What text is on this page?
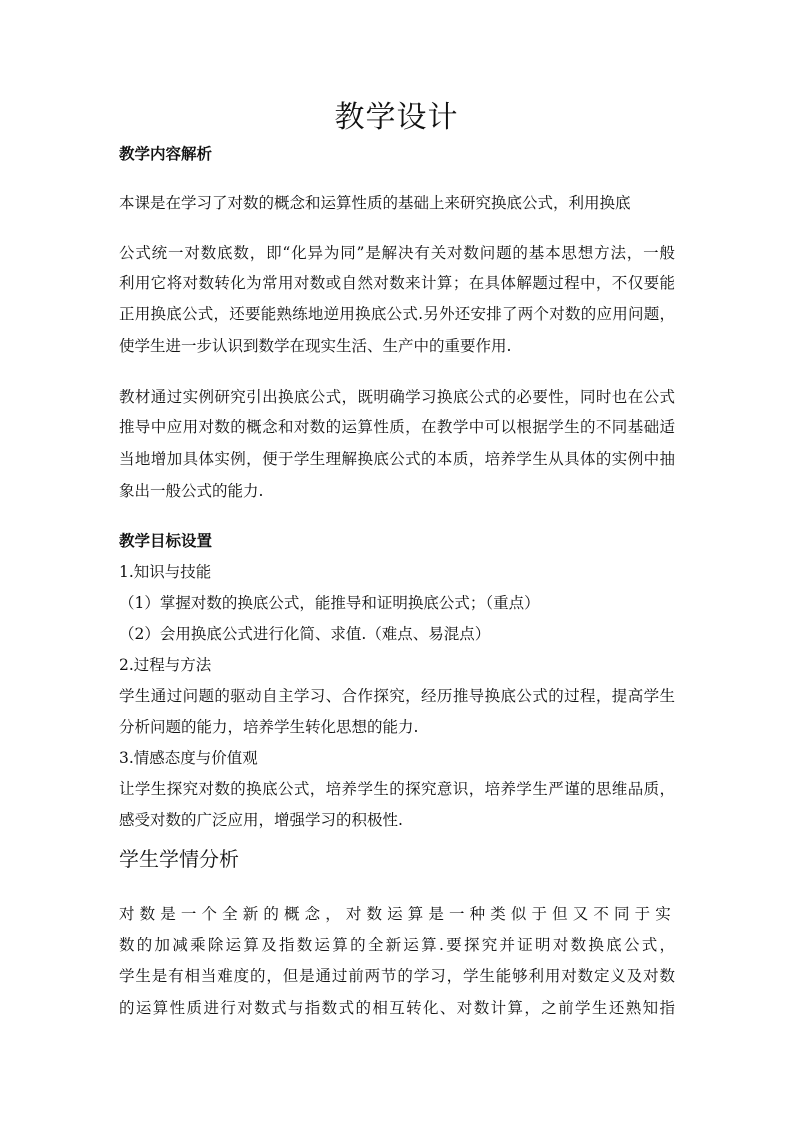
教学设计
教学内容解析
本课是在学习了对数的概念和运算性质的基础上来研究换底公式，利用换底
公式统一对数底数，即“化异为同”是解决有关对数问题的基本思想方法，一般
利用它将对数转化为常用对数或自然对数来计算；在具体解题过程中，不仅要能
正用换底公式，还要能熟练地逆用换底公式.另外还安排了两个对数的应用问题，
使学生进一步认识到数学在现实生活、生产中的重要作用.
教材通过实例研究引出换底公式，既明确学习换底公式的必要性，同时也在公式
推导中应用对数的概念和对数的运算性质，在教学中可以根据学生的不同基础适
当地增加具体实例，便于学生理解换底公式的本质，培养学生从具体的实例中抽
象出一般公式的能力.
教学目标设置
1.知识与技能
（1）掌握对数的换底公式，能推导和证明换底公式；（重点）
（2）会用换底公式进行化简、求值.（难点、易混点）
2.过程与方法
学生通过问题的驱动自主学习、合作探究，经历推导换底公式的过程，提高学生
分析问题的能力，培养学生转化思想的能力.
3.情感态度与价值观
让学生探究对数的换底公式，培养学生的探究意识，培养学生严谨的思维品质，
感受对数的广泛应用，增强学习的积极性.
学生学情分析
对数是一个全新的概念，对数运算是一种类似于但又不同于实
数的加减乘除运算及指数运算的全新运算.要探究并证明对数换底公式，
学生是有相当难度的，但是通过前两节的学习，学生能够利用对数定义及对数
的运算性质进行对数式与指数式的相互转化、对数计算，之前学生还熟知指
